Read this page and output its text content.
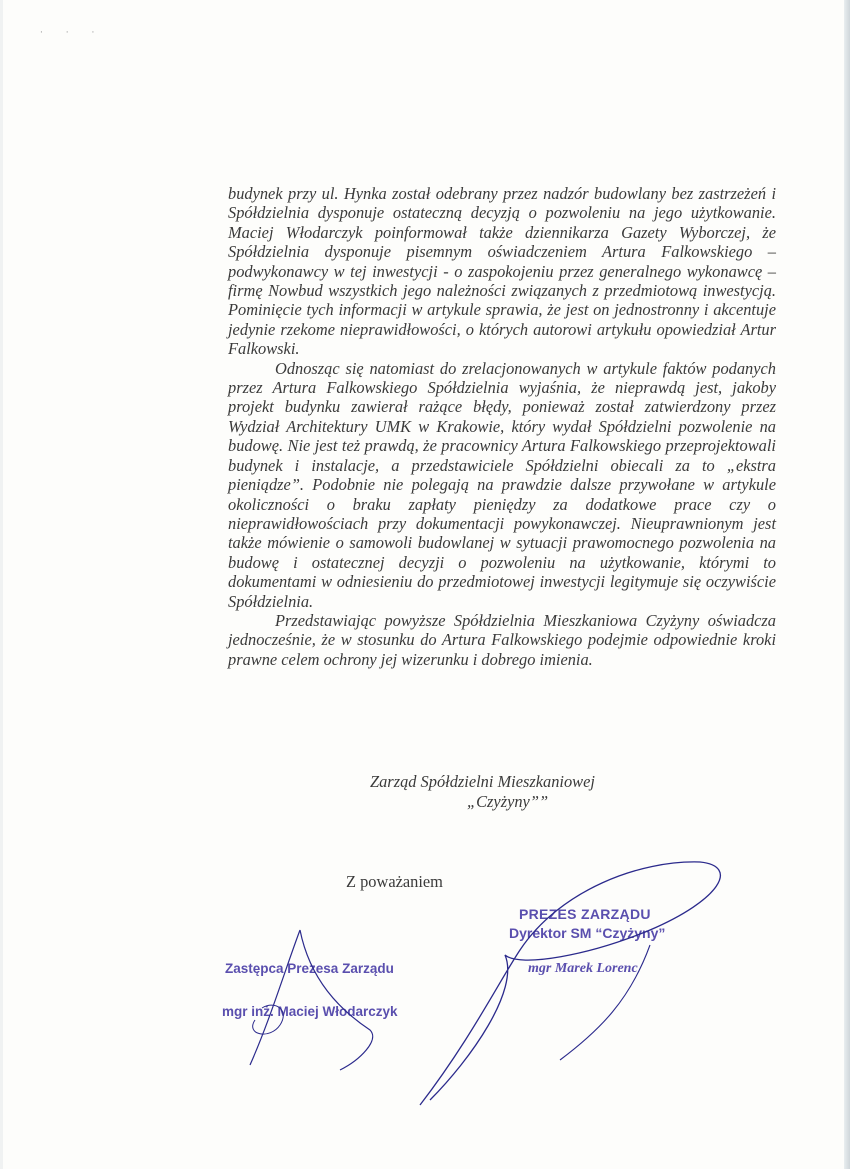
· · ·

budynek przy ul. Hynka został odebrany przez nadzór budowlany bez zastrzeżeń i Spółdzielnia dysponuje ostateczną decyzją o pozwoleniu na jego użytkowanie. Maciej Włodarczyk poinformował także dziennikarza Gazety Wyborczej, że Spółdzielnia dysponuje pisemnym oświadczeniem Artura Falkowskiego – podwykonawcy w tej inwestycji - o zaspokojeniu przez generalnego wykonawcę – firmę Nowbud wszystkich jego należności związanych z przedmiotową inwestycją. Pominięcie tych informacji w artykule sprawia, że jest on jednostronny i akcentuje jedynie rzekome nieprawidłowości, o których autorowi artykułu opowiedział Artur Falkowski.

Odnosząc się natomiast do zrelacjonowanych w artykule faktów podanych przez Artura Falkowskiego Spółdzielnia wyjaśnia, że nieprawdą jest, jakoby projekt budynku zawierał rażące błędy, ponieważ został zatwierdzony przez Wydział Architektury UMK w Krakowie, który wydał Spółdzielni pozwolenie na budowę. Nie jest też prawdą, że pracownicy Artura Falkowskiego przeprojektowali budynek i instalacje, a przedstawiciele Spółdzielni obiecali za to „ekstra pieniądze”. Podobnie nie polegają na prawdzie dalsze przywołane w artykule okoliczności o braku zapłaty pieniędzy za dodatkowe prace czy o nieprawidłowościach przy dokumentacji powykonawczej. Nieuprawnionym jest także mówienie o samowoli budowlanej w sytuacji prawomocnego pozwolenia na budowę i ostatecznej decyzji o pozwoleniu na użytkowanie, którymi to dokumentami w odniesieniu do przedmiotowej inwestycji legitymuje się oczywiście Spółdzielnia.

Przedstawiając powyższe Spółdzielnia Mieszkaniowa Czyżyny oświadcza jednocześnie, że w stosunku do Artura Falkowskiego podejmie odpowiednie kroki prawne celem ochrony jej wizerunku i dobrego imienia.

Zarząd Spółdzielni Mieszkaniowej
„Czyżyny””
Z poważaniem
PREZES ZARZĄDU
Dyrektor SM “Czyżyny”
mgr Marek Lorenc
Zastępca Prezesa Zarządu
mgr inż. Maciej Włodarczyk
